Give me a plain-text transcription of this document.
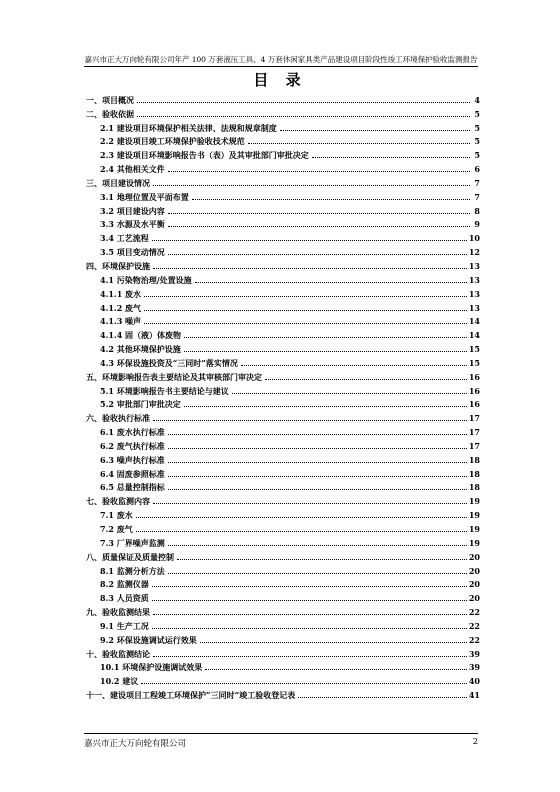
嘉兴市正大万向轮有限公司年产 100 万套液压工具、4 万套休闲家具类产品建设项目阶段性竣工环境保护验收监测报告
目 录
一、项目概况	4
二、验收依据	5
2.1 建设项目环境保护相关法律、法规和规章制度	5
2.2 建设项目竣工环境保护验收技术规范	5
2.3 建设项目环境影响报告书（表）及其审批部门审批决定	5
2.4 其他相关文件	6
三、项目建设情况	7
3.1 地理位置及平面布置	7
3.2 项目建设内容	8
3.3 水源及水平衡	9
3.4 工艺流程	10
3.5 项目变动情况	12
四、环境保护设施	13
4.1 污染物治理/处置设施	13
4.1.1 废水	13
4.1.2 废气	13
4.1.3 噪声	14
4.1.4 固（液）体废物	14
4.2 其他环境保护设施	15
4.3 环保设施投资及“三同时”落实情况	15
五、环境影响报告表主要结论及其审核部门审决定	16
5.1 环境影响报告书主要结论与建议	16
5.2 审批部门审批决定	16
六、验收执行标准	17
6.1 废水执行标准	17
6.2 废气执行标准	17
6.3 噪声执行标准	18
6.4 固废参照标准	18
6.5 总量控制指标	18
七、验收监测内容	19
7.1 废水	19
7.2 废气	19
7.3 厂界噪声监测	19
八、质量保证及质量控制	20
8.1 监测分析方法	20
8.2 监测仪器	20
8.3 人员资质	20
九、验收监测结果	22
9.1 生产工况	22
9.2 环保设施调试运行效果	22
十、验收监测结论	39
10.1 环境保护设施调试效果	39
10.2 建议	40
十一、建设项目工程竣工环境保护“三同时”竣工验收登记表	41
嘉兴市正大万向轮有限公司	2
